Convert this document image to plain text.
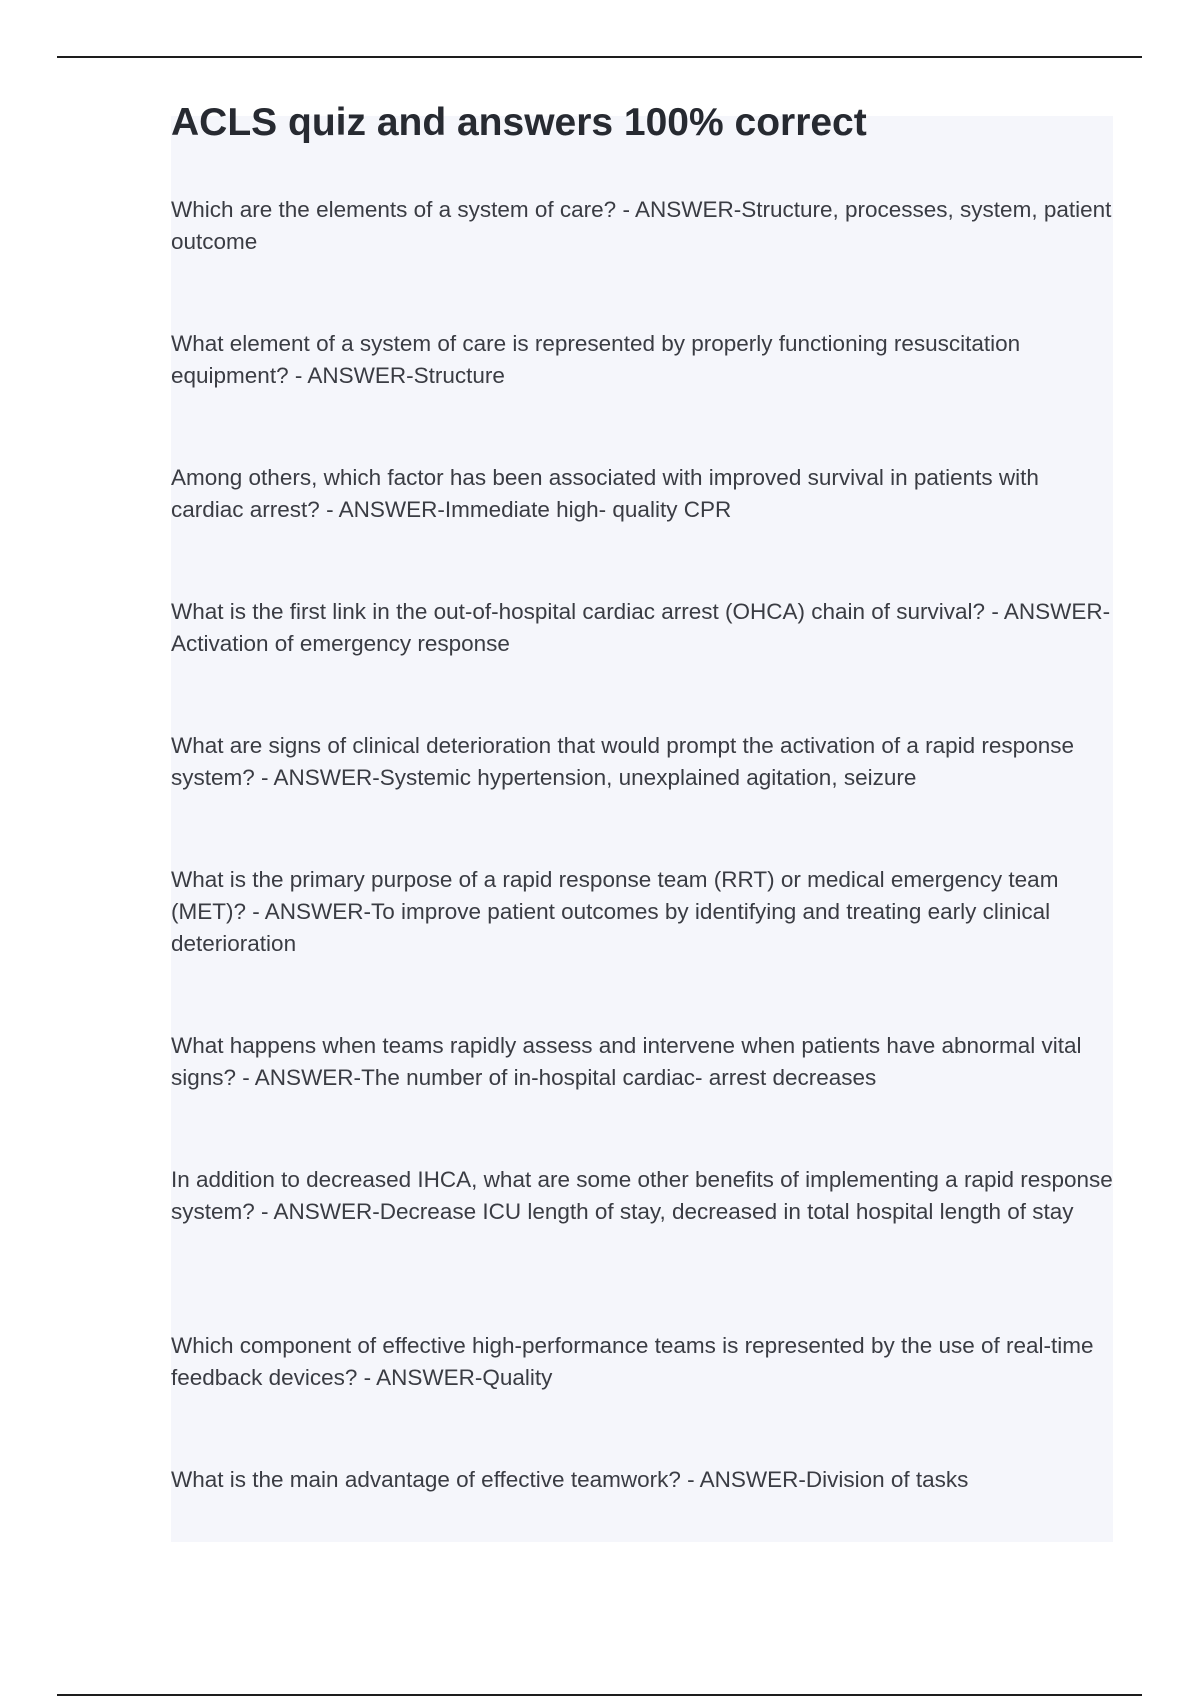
ACLS quiz and answers 100% correct
Which are the elements of a system of care? - ANSWER-Structure, processes, system, patient outcome
What element of a system of care is represented by properly functioning resuscitation equipment? - ANSWER-Structure
Among others, which factor has been associated with improved survival in patients with cardiac arrest? - ANSWER-Immediate high- quality CPR
What is the first link in the out-of-hospital cardiac arrest (OHCA) chain of survival? - ANSWER-Activation of emergency response
What are signs of clinical deterioration that would prompt the activation of a rapid response system? - ANSWER-Systemic hypertension, unexplained agitation, seizure
What is the primary purpose of a rapid response team (RRT) or medical emergency team (MET)? - ANSWER-To improve patient outcomes by identifying and treating early clinical deterioration
What happens when teams rapidly assess and intervene when patients have abnormal vital signs? - ANSWER-The number of in-hospital cardiac- arrest decreases
In addition to decreased IHCA, what are some other benefits of implementing a rapid response system? - ANSWER-Decrease ICU length of stay, decreased in total hospital length of stay
Which component of effective high-performance teams is represented by the use of real-time feedback devices? - ANSWER-Quality
What is the main advantage of effective teamwork? - ANSWER-Division of tasks
